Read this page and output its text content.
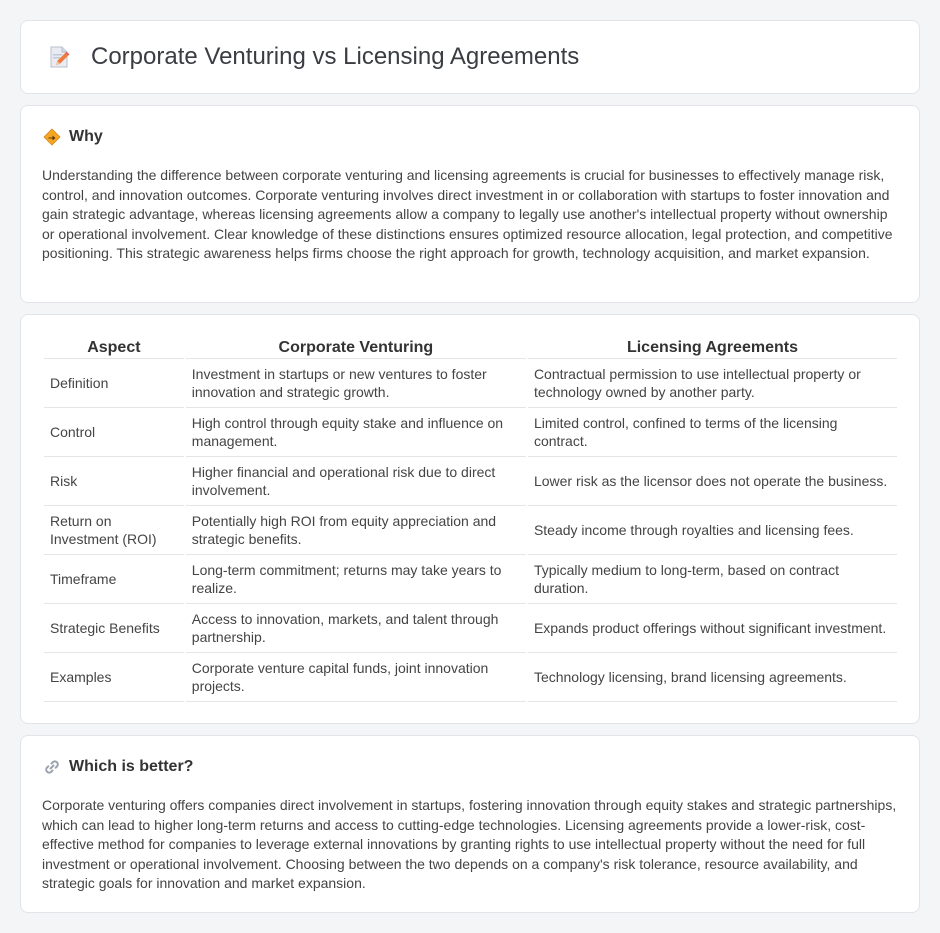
Corporate Venturing vs Licensing Agreements
Why

Understanding the difference between corporate venturing and licensing agreements is crucial for businesses to effectively manage risk, control, and innovation outcomes. Corporate venturing involves direct investment in or collaboration with startups to foster innovation and gain strategic advantage, whereas licensing agreements allow a company to legally use another's intellectual property without ownership or operational involvement. Clear knowledge of these distinctions ensures optimized resource allocation, legal protection, and competitive positioning. This strategic awareness helps firms choose the right approach for growth, technology acquisition, and market expansion.

Aspect	Corporate Venturing	Licensing Agreements
Definition	Investment in startups or new ventures to foster innovation and strategic growth.	Contractual permission to use intellectual property or technology owned by another party.
Control	High control through equity stake and influence on management.	Limited control, confined to terms of the licensing contract.
Risk	Higher financial and operational risk due to direct involvement.	Lower risk as the licensor does not operate the business.
Return on Investment (ROI)	Potentially high ROI from equity appreciation and strategic benefits.	Steady income through royalties and licensing fees.
Timeframe	Long-term commitment; returns may take years to realize.	Typically medium to long-term, based on contract duration.
Strategic Benefits	Access to innovation, markets, and talent through partnership.	Expands product offerings without significant investment.
Examples	Corporate venture capital funds, joint innovation projects.	Technology licensing, brand licensing agreements.
Which is better?

Corporate venturing offers companies direct involvement in startups, fostering innovation through equity stakes and strategic partnerships, which can lead to higher long-term returns and access to cutting-edge technologies. Licensing agreements provide a lower-risk, cost-effective method for companies to leverage external innovations by granting rights to use intellectual property without the need for full investment or operational involvement. Choosing between the two depends on a company's risk tolerance, resource availability, and strategic goals for innovation and market expansion.
